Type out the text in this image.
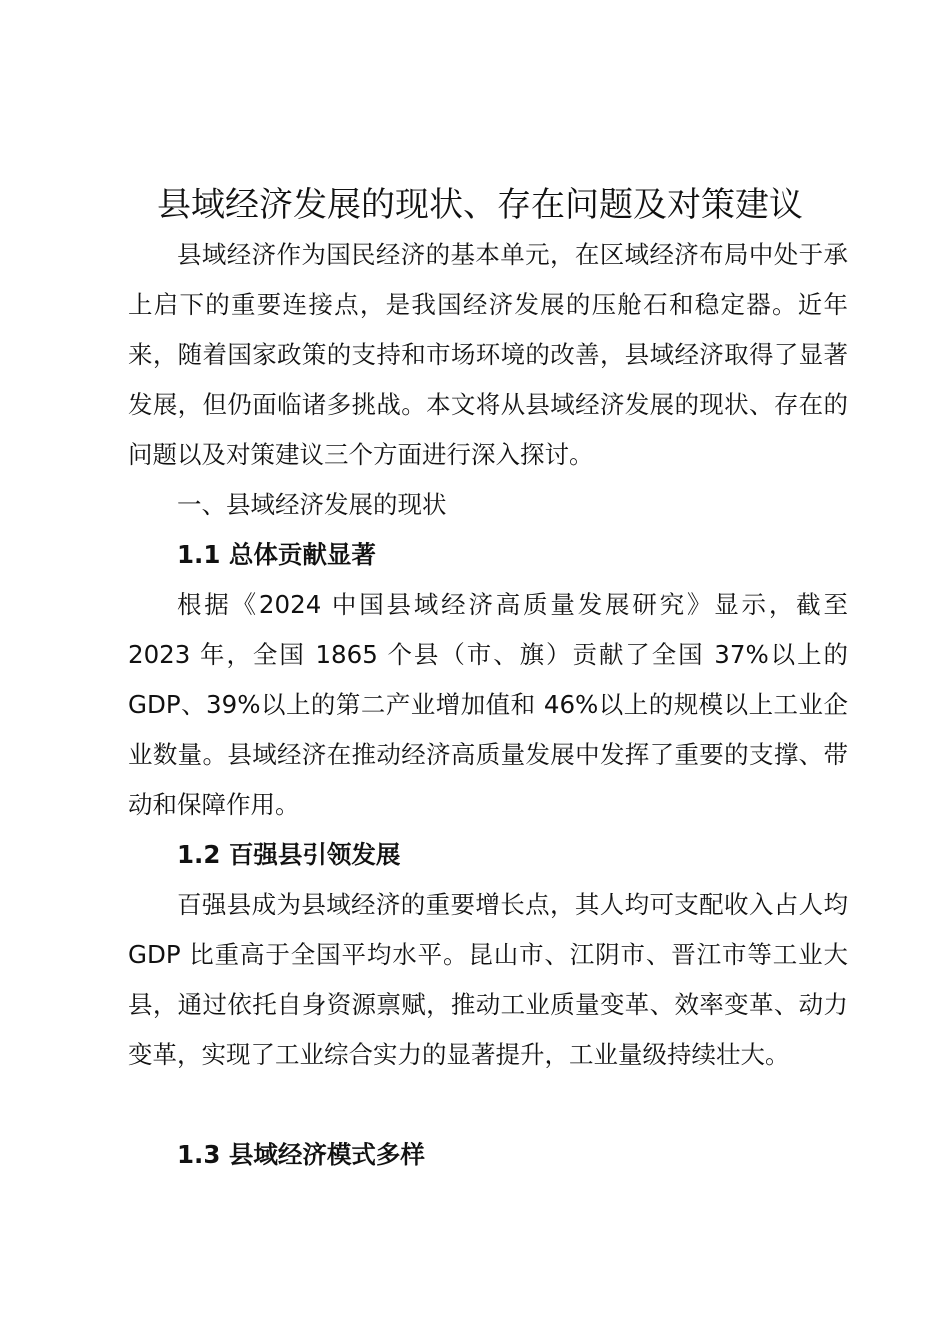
县域经济发展的现状、存在问题及对策建议

县域经济作为国民经济的基本单元，在区域经济布局中处于承上启下的重要连接点，是我国经济发展的压舱石和稳定器。近年来，随着国家政策的支持和市场环境的改善，县域经济取得了显著发展，但仍面临诸多挑战。本文将从县域经济发展的现状、存在的问题以及对策建议三个方面进行深入探讨。

一、县域经济发展的现状
1.1 总体贡献显著

根据《2024 中国县域经济高质量发展研究》显示，截至2023 年，全国 1865 个县（市、旗）贡献了全国 37%以上的 GDP、39%以上的第二产业增加值和 46%以上的规模以上工业企业数量。县域经济在推动经济高质量发展中发挥了重要的支撑、带动和保障作用。

1.2 百强县引领发展

百强县成为县域经济的重要增长点，其人均可支配收入占人均 GDP 比重高于全国平均水平。昆山市、江阴市、晋江市等工业大县，通过依托自身资源禀赋，推动工业质量变革、效率变革、动力变革，实现了工业综合实力的显著提升，工业量级持续壮大。

1.3 县域经济模式多样
